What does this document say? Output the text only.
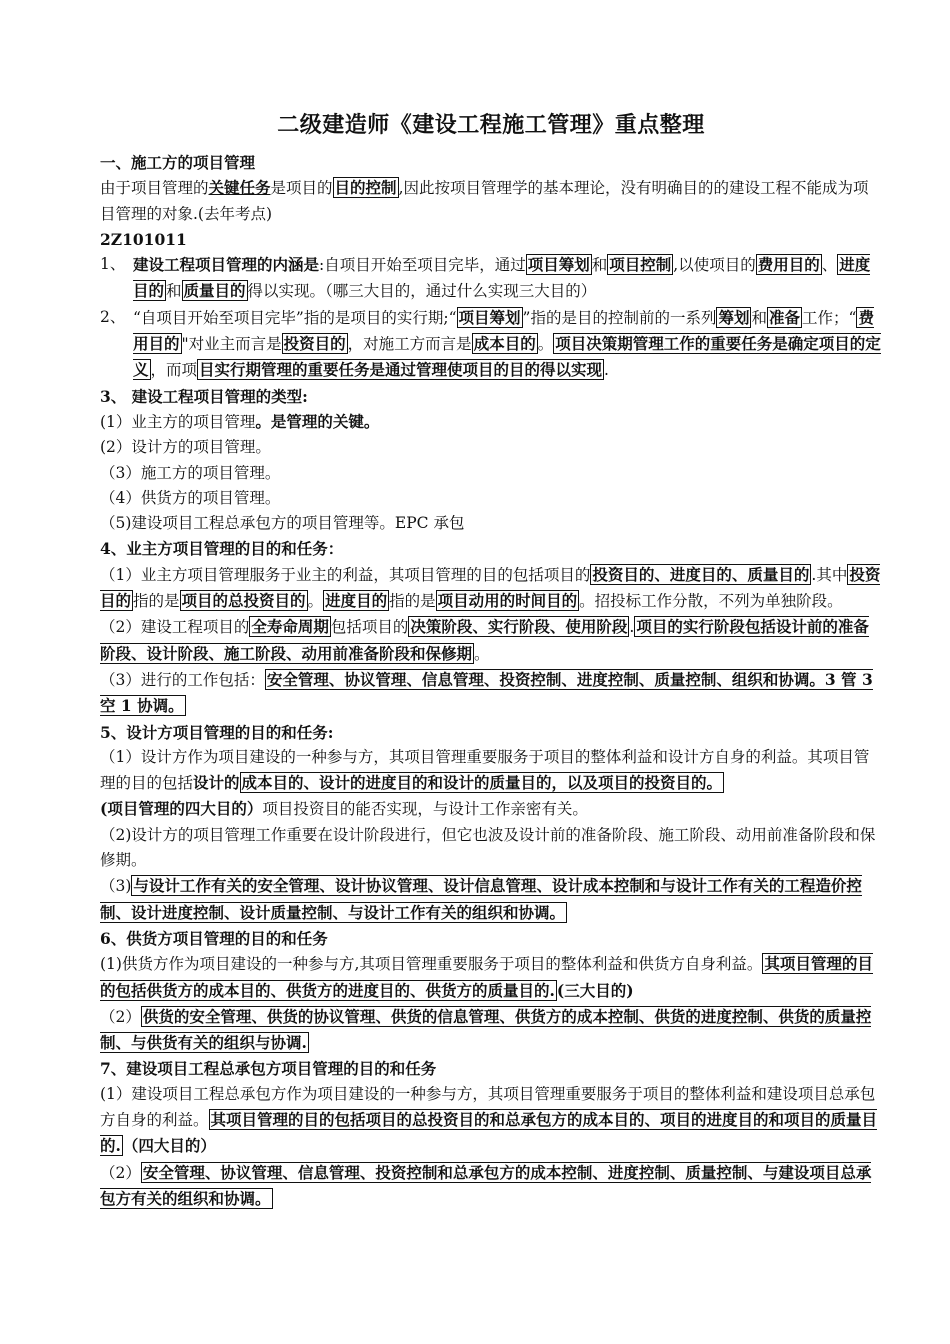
二级建造师《建设工程施工管理》重点整理

一、施工方的项目管理

由于项目管理的关键任务是项目的 目的控制 ,因此按项目管理学的基本理论，没有明确目的的建设工程不能成为项目管理的对象.(去年考点)

2Z101011

1、 建设工程项目管理的内涵是:自项目开始至项目完毕，通过 项目筹划 和 项目控制 ,以使项目的 费用目的 、 进度目的 和 质量目的 得以实现。（哪三大目的，通过什么实现三大目的）

2、 “自项目开始至项目完毕”指的是项目的实行期;“ 项目筹划 ”指的是目的控制前的一系列 筹划 和 准备 工作；“ 费用目的 "对业主而言是 投资目的 ，对施工方而言是 成本目的 。 项目决策期管理工作的重要任务是确定项目的定义 ，而项 目实行期管理的重要任务是通过管理使项目的目的得以实现 .

3、 建设工程项目管理的类型:

(1）业主方的项目管理。是管理的关键。

(2）设计方的项目管理。

（3）施工方的项目管理。

（4）供货方的项目管理。

（5)建设项目工程总承包方的项目管理等。EPC 承包

4、业主方项目管理的目的和任务：

（1）业主方项目管理服务于业主的利益，其项目管理的目的包括项目的 投资目的、进度目的、质量目的 .其中 投资目的 指的是 项目的总投资目的 。 进度目的 指的是 项目动用的时间目的 。招投标工作分散，不列为单独阶段。

（2）建设工程项目的 全寿命周期 包括项目的 决策阶段、实行阶段、使用阶段 . 项目的实行阶段包括设计前的准备阶段、设计阶段、施工阶段、动用前准备阶段和保修期 。

（3）进行的工作包括： 安全管理、协议管理、信息管理、投资控制、进度控制、质量控制、组织和协调。3 管 3 空 1 协调。

5、设计方项目管理的目的和任务:

（1）设计方作为项目建设的一种参与方，其项目管理重要服务于项目的整体利益和设计方自身的利益。其项目管理的目的包括设计的 成本目的、设计的进度目的和设计的质量目的，以及项目的投资目的。(项目管理的四大目的）项目投资目的能否实现，与设计工作亲密有关。

（2)设计方的项目管理工作重要在设计阶段进行，但它也波及设计前的准备阶段、施工阶段、动用前准备阶段和保修期。

（3) 与设计工作有关的安全管理、设计协议管理、设计信息管理、设计成本控制和与设计工作有关的工程造价控制、设计进度控制、设计质量控制、与设计工作有关的组织和协调。

6、供货方项目管理的目的和任务

(1)供货方作为项目建设的一种参与方,其项目管理重要服务于项目的整体利益和供货方自身利益。 其项目管理的目的包括供货方的成本目的、供货方的进度目的、供货方的质量目的. (三大目的)

（2） 供货的安全管理、供货的协议管理、供货的信息管理、供货方的成本控制、供货的进度控制、供货的质量控制、与供货有关的组织与协调.

7、建设项目工程总承包方项目管理的目的和任务

(1）建设项目工程总承包方作为项目建设的一种参与方，其项目管理重要服务于项目的整体利益和建设项目总承包方自身的利益。 其项目管理的目的包括项目的总投资目的和总承包方的成本目的、项目的进度目的和项目的质量目的. （四大目的）

（2） 安全管理、协议管理、信息管理、投资控制和总承包方的成本控制、进度控制、质量控制、与建设项目总承包方有关的组织和协调。
